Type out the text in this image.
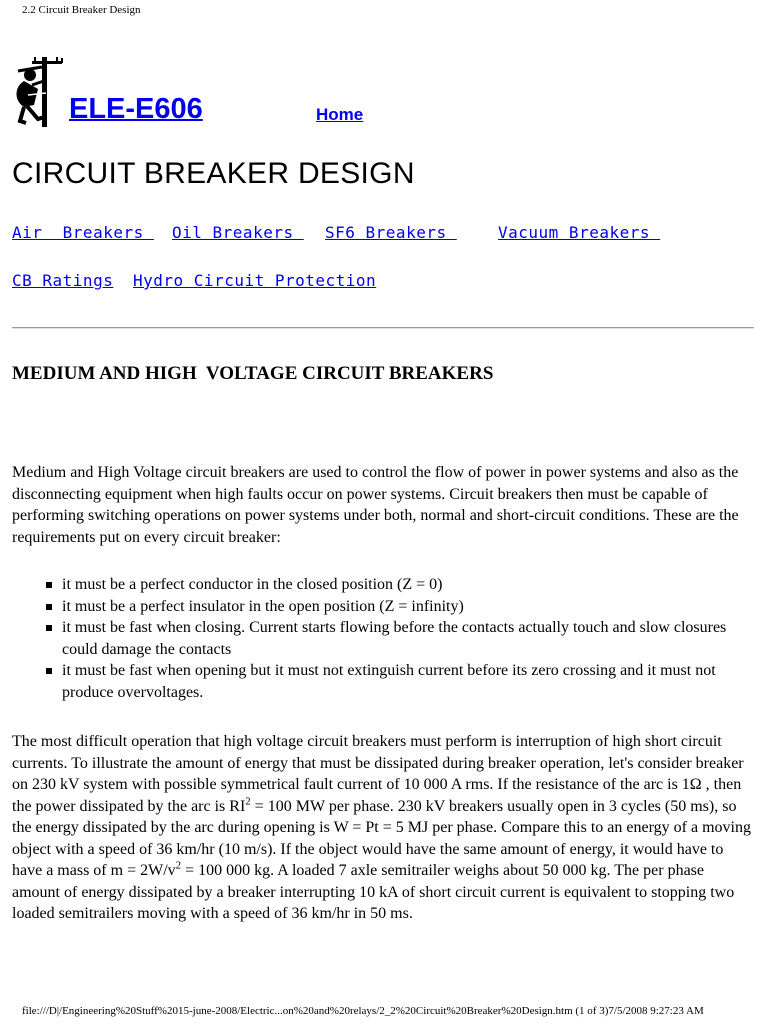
2.2 Circuit Breaker Design
ELE-E606	Home
CIRCUIT BREAKER DESIGN
Air  Breakers Oil Breakers SF6 Breakers	Vacuum Breakers
CB Ratings Hydro Circuit Protection
MEDIUM AND HIGH  VOLTAGE CIRCUIT BREAKERS

Medium and High Voltage circuit breakers are used to control the flow of power in power systems and also as the disconnecting equipment when high faults occur on power systems. Circuit breakers then must be capable of performing switching operations on power systems under both, normal and short-circuit conditions. These are the requirements put on every circuit breaker:

it must be a perfect conductor in the closed position (Z = 0)
it must be a perfect insulator in the open position (Z = infinity)
it must be fast when closing. Current starts flowing before the contacts actually touch and slow closures could damage the contacts
it must be fast when opening but it must not extinguish current before its zero crossing and it must not produce overvoltages.

The most difficult operation that high voltage circuit breakers must perform is interruption of high short circuit currents. To illustrate the amount of energy that must be dissipated during breaker operation, let's consider breaker on 230 kV system with possible symmetrical fault current of 10 000 A rms. If the resistance of the arc is 1Ω , then the power dissipated by the arc is $RI^2 = 100$ MW per phase. 230 kV breakers usually open in 3 cycles (50 ms), so the energy dissipated by the arc during opening is W = Pt = 5 MJ per phase. Compare this to an energy of a moving object with a speed of 36 km/hr (10 m/s). If the object would have the same amount of energy, it would have to have a mass of $m = 2W/v^2 = 100$ 000 kg. A loaded 7 axle semitrailer weighs about 50 000 kg. The per phase amount of energy dissipated by a breaker interrupting 10 kA of short circuit current is equivalent to stopping two loaded semitrailers moving with a speed of 36 km/hr in 50 ms.

file:///D|/Engineering%20Stuff%2015-june-2008/Electric...on%20and%20relays/2_2%20Circuit%20Breaker%20Design.htm (1 of 3)7/5/2008 9:27:23 AM
